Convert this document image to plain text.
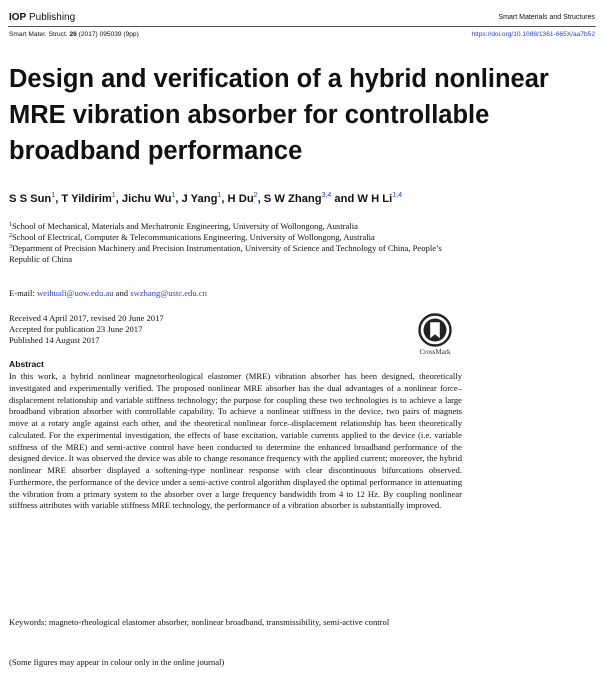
IOP Publishing	Smart Materials and Structures
Smart Mater. Struct. 26 (2017) 095039 (9pp)	https://doi.org/10.1088/1361-665X/aa7b52
Design and verification of a hybrid nonlinear MRE vibration absorber for controllable broadband performance
S S Sun$^1$, T Yildirim$^1$, Jichu Wu$^1$, J Yang$^1$, H Du$^2$, S W Zhang$^{3,4}$ and W H Li$^{1,4}$
$^1$School of Mechanical, Materials and Mechatronic Engineering, University of Wollongong, Australia
$^2$School of Electrical, Computer & Telecommunications Engineering, University of Wollongong, Australia
$^3$Department of Precision Machinery and Precision Instrumentation, University of Science and Technology of China, People’s Republic of China
E-mail: weihuali@uow.edu.au and swzhang@ustc.edu.cn
Received 4 April 2017, revised 20 June 2017
Accepted for publication 23 June 2017
Published 14 August 2017
CrossMark
Abstract

In this work, a hybrid nonlinear magnetorheological elastomer (MRE) vibration absorber has been designed, theoretically investigated and experimentally verified. The proposed nonlinear MRE absorber has the dual advantages of a nonlinear force–displacement relationship and variable stiffness technology; the purpose for coupling these two technologies is to achieve a large broadband vibration absorber with controllable capability. To achieve a nonlinear stiffness in the device, two pairs of magnets move at a rotary angle against each other, and the theoretical nonlinear force–displacement relationship has been theoretically calculated. For the experimental investigation, the effects of base excitation, variable currents applied to the device (i.e. variable stiffness of the MRE) and semi-active control have been conducted to determine the enhanced broadband performance of the designed device. It was observed the device was able to change resonance frequency with the applied current; moreover, the hybrid nonlinear MRE absorber displayed a softening-type nonlinear response with clear discontinuous bifurcations observed. Furthermore, the performance of the device under a semi-active control algorithm displayed the optimal performance in attenuating the vibration from a primary system to the absorber over a large frequency bandwidth from 4 to 12 Hz. By coupling nonlinear stiffness attributes with variable stiffness MRE technology, the performance of a vibration absorber is substantially improved.

Keywords: magneto-rheological elastomer absorber, nonlinear broadband, transmissibility, semi-active control
(Some figures may appear in colour only in the online journal)
